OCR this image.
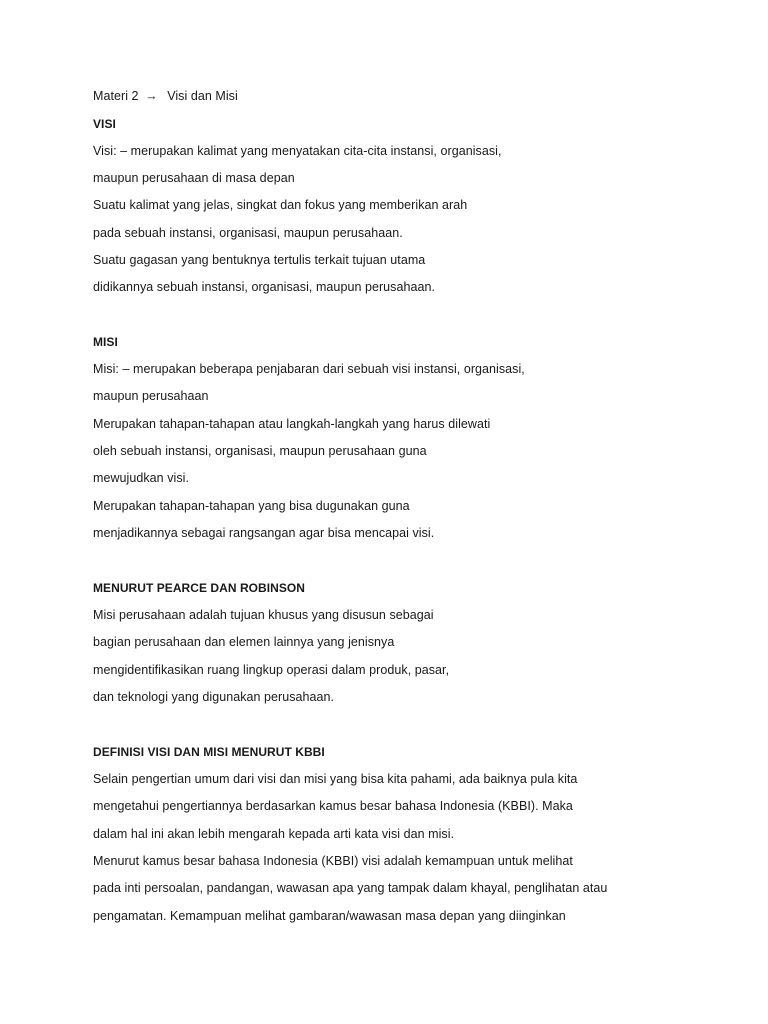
Materi 2 → Visi dan Misi
VISI
Visi: – merupakan kalimat yang menyatakan cita-cita instansi, organisasi,
maupun perusahaan di masa depan
Suatu kalimat yang jelas, singkat dan fokus yang memberikan arah
pada sebuah instansi, organisasi, maupun perusahaan.
Suatu gagasan yang bentuknya tertulis terkait tujuan utama
didikannya sebuah instansi, organisasi, maupun perusahaan.
MISI
Misi: – merupakan beberapa penjabaran dari sebuah visi instansi, organisasi,
maupun perusahaan
Merupakan tahapan-tahapan atau langkah-langkah yang harus dilewati
oleh sebuah instansi, organisasi, maupun perusahaan guna
mewujudkan visi.
Merupakan tahapan-tahapan yang bisa dugunakan guna
menjadikannya sebagai rangsangan agar bisa mencapai visi.
MENURUT PEARCE DAN ROBINSON
Misi perusahaan adalah tujuan khusus yang disusun sebagai
bagian perusahaan dan elemen lainnya yang jenisnya
mengidentifikasikan ruang lingkup operasi dalam produk, pasar,
dan teknologi yang digunakan perusahaan.
DEFINISI VISI DAN MISI MENURUT KBBI
Selain pengertian umum dari visi dan misi yang bisa kita pahami, ada baiknya pula kita
mengetahui pengertiannya berdasarkan kamus besar bahasa Indonesia (KBBI). Maka
dalam hal ini akan lebih mengarah kepada arti kata visi dan misi.
Menurut kamus besar bahasa Indonesia (KBBI) visi adalah kemampuan untuk melihat
pada inti persoalan, pandangan, wawasan apa yang tampak dalam khayal, penglihatan atau
pengamatan. Kemampuan melihat gambaran/wawasan masa depan yang diinginkan
